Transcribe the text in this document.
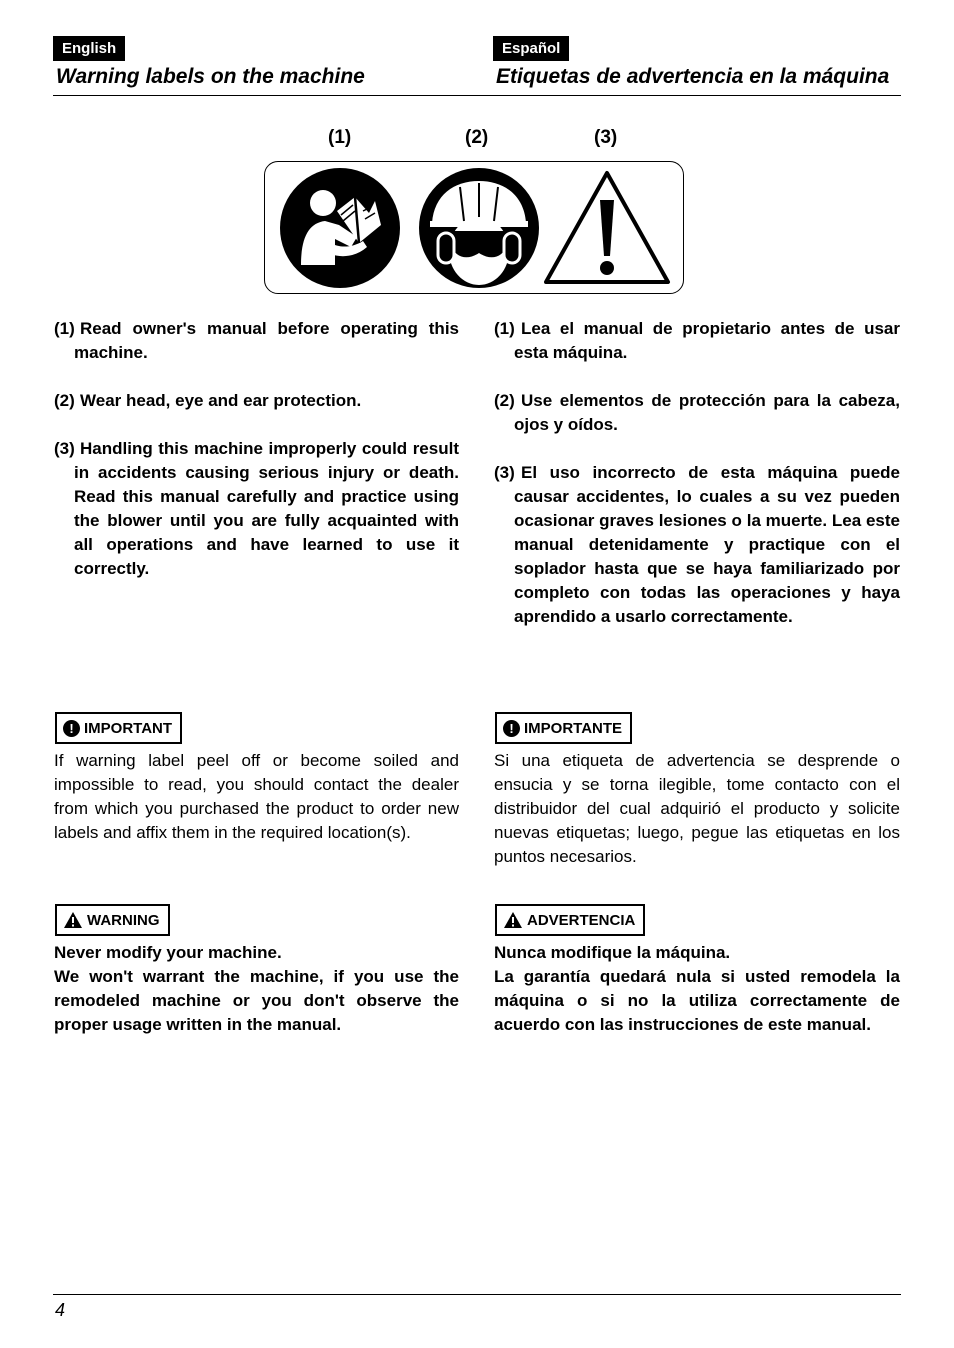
English	Español
Warning labels on the machine	Etiquetas de advertencia en la máquina
(1)	(2)	(3)
(1) Read owner's manual before operating this machine.
(2) Wear head, eye and ear protection.
(3) Handling this machine improperly could result in accidents causing serious injury or death. Read this manual carefully and practice using the blower until you are fully acquainted with all operations and have learned to use it correctly.
(1) Lea el manual de propietario antes de usar esta máquina.
(2) Use elementos de protección para la cabeza, ojos y oídos.
(3) El uso incorrecto de esta máquina puede causar accidentes, lo cuales a su vez pueden ocasionar graves lesiones o la muerte. Lea este manual detenidamente y practique con el soplador hasta que se haya familiarizado por completo con todas las operaciones y haya aprendido a usarlo correctamente.
! IMPORTANT	! IMPORTANTE
If warning label peel off or become soiled and impossible to read, you should contact the dealer from which you purchased the product to order new labels and affix them in the required location(s).
Si una etiqueta de advertencia se desprende o ensucia y se torna ilegible, tome contacto con el distribuidor del cual adquirió el producto y solicite nuevas etiquetas; luego, pegue las etiquetas en los puntos necesarios.
WARNING	ADVERTENCIA
Never modify your machine.
We won't warrant the machine, if you use the remodeled machine or you don't observe the proper usage written in the manual.
Nunca modifique la máquina.
La garantía quedará nula si usted remodela la máquina o si no la utiliza correctamente de acuerdo con las instrucciones de este manual.
4
